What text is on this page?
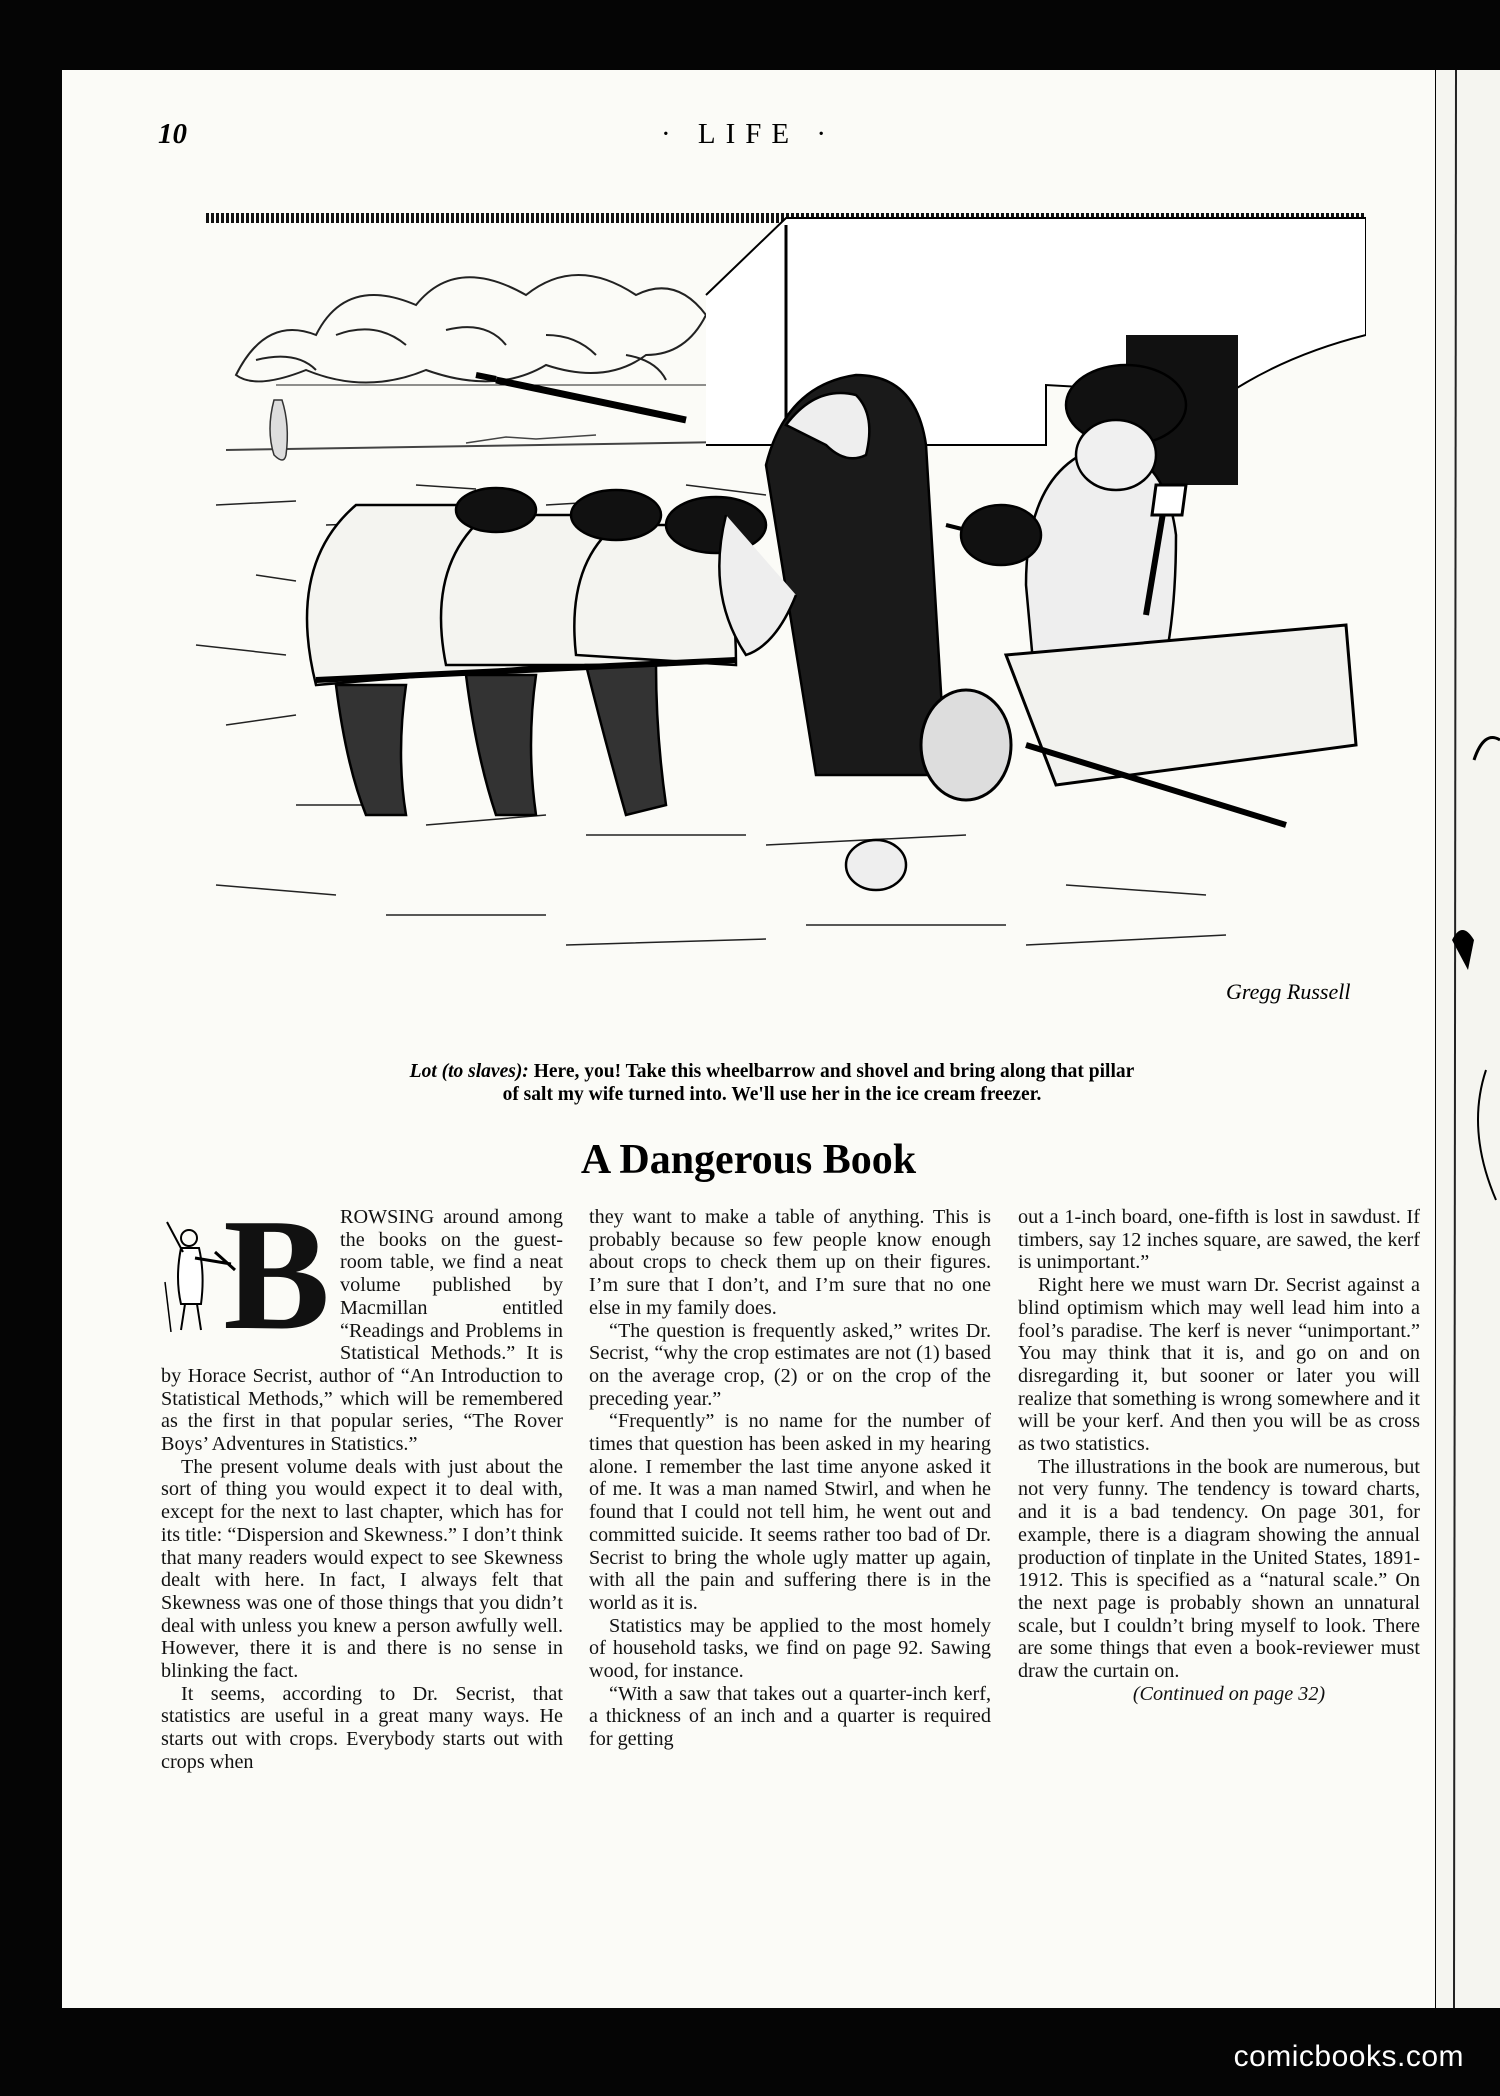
10	· LIFE ·
Gregg Russell
Lot (to slaves): Here, you! Take this wheelbarrow and shovel and bring along that pillar
of salt my wife turned into. We'll use her in the ice cream freezer.
A Dangerous Book
B ROWSING around among the books on the guest-room table, we find a neat volume published by Macmillan entitled “Readings and Problems in Statistical Methods.” It is by Horace Secrist, author of “An Introduction to Statistical Methods,” which will be remembered as the first in that popular series, “The Rover Boys’ Adventures in Statistics.”

The present volume deals with just about the sort of thing you would expect it to deal with, except for the next to last chapter, which has for its title: “Dispersion and Skewness.” I don’t think that many readers would expect to see Skewness dealt with here. In fact, I always felt that Skewness was one of those things that you didn’t deal with unless you knew a person awfully well. However, there it is and there is no sense in blinking the fact.

It seems, according to Dr. Secrist, that statistics are useful in a great many ways. He starts out with crops. Everybody starts out with crops when

they want to make a table of anything. This is probably because so few people know enough about crops to check them up on their figures. I’m sure that I don’t, and I’m sure that no one else in my family does.

“The question is frequently asked,” writes Dr. Secrist, “why the crop estimates are not (1) based on the average crop, (2) or on the crop of the preceding year.”

“Frequently” is no name for the number of times that question has been asked in my hearing alone. I remember the last time anyone asked it of me. It was a man named Stwirl, and when he found that I could not tell him, he went out and committed suicide. It seems rather too bad of Dr. Secrist to bring the whole ugly matter up again, with all the pain and suffering there is in the world as it is.

Statistics may be applied to the most homely of household tasks, we find on page 92. Sawing wood, for instance.

“With a saw that takes out a quarter-inch kerf, a thickness of an inch and a quarter is required for getting

out a 1-inch board, one-fifth is lost in sawdust. If timbers, say 12 inches square, are sawed, the kerf is unimportant.”

Right here we must warn Dr. Secrist against a blind optimism which may well lead him into a fool’s paradise. The kerf is never “unimportant.” You may think that it is, and go on and on disregarding it, but sooner or later you will realize that something is wrong somewhere and it will be your kerf. And then you will be as cross as two statistics.

The illustrations in the book are numerous, but not very funny. The tendency is toward charts, and it is a bad tendency. On page 301, for example, there is a diagram showing the annual production of tinplate in the United States, 1891-1912. This is specified as a “natural scale.” On the next page is probably shown an unnatural scale, but I couldn’t bring myself to look. There are some things that even a book-reviewer must draw the curtain on.

(Continued on page 32)

comicbooks.com
